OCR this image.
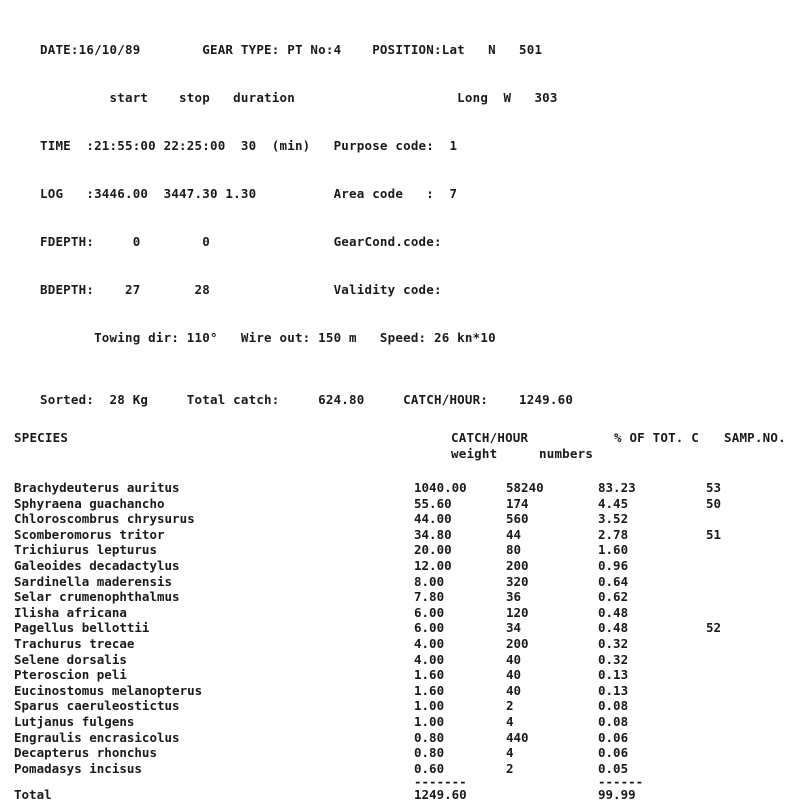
DATE:16/10/89        GEAR TYPE: PT No:4    POSITION:Lat   N   501

start    stop   duration                     Long  W   303

TIME  :21:55:00 22:25:00  30  (min)   Purpose code:  1

LOG   :3446.00  3447.30 1.30          Area code   :  7

FDEPTH:     0        0                GearCond.code:

BDEPTH:    27       28                Validity code:

Towing dir: 110°   Wire out: 150 m   Speed: 26 kn*10

Sorted:  28 Kg     Total catch:     624.80     CATCH/HOUR:    1249.60
SPECIES	CATCH/HOUR	% OF TOT. C SAMP.NO.
weight	numbers
Brachydeuterus auritus	1040.00	58240	83.23	53
Sphyraena guachancho	55.60	174	4.45	50
Chloroscombrus chrysurus	44.00	560	3.52	
Scomberomorus tritor	34.80	44	2.78	51
Trichiurus lepturus	20.00	80	1.60	
Galeoides decadactylus	12.00	200	0.96	
Sardinella maderensis	8.00	320	0.64	
Selar crumenophthalmus	7.80	36	0.62	
Ilisha africana	6.00	120	0.48	
Pagellus bellottii	6.00	34	0.48	52
Trachurus trecae	4.00	200	0.32	
Selene dorsalis	4.00	40	0.32	
Pteroscion peli	1.60	40	0.13	
Eucinostomus melanopterus	1.60	40	0.13	
Sparus caeruleostictus	1.00	2	0.08	
Lutjanus fulgens	1.00	4	0.08	
Engraulis encrasicolus	0.80	440	0.06	
Decapterus rhonchus	0.80	4	0.06	
Pomadasys incisus	0.60	2	0.05	
	-------		------	
Total	1249.60		99.99	
